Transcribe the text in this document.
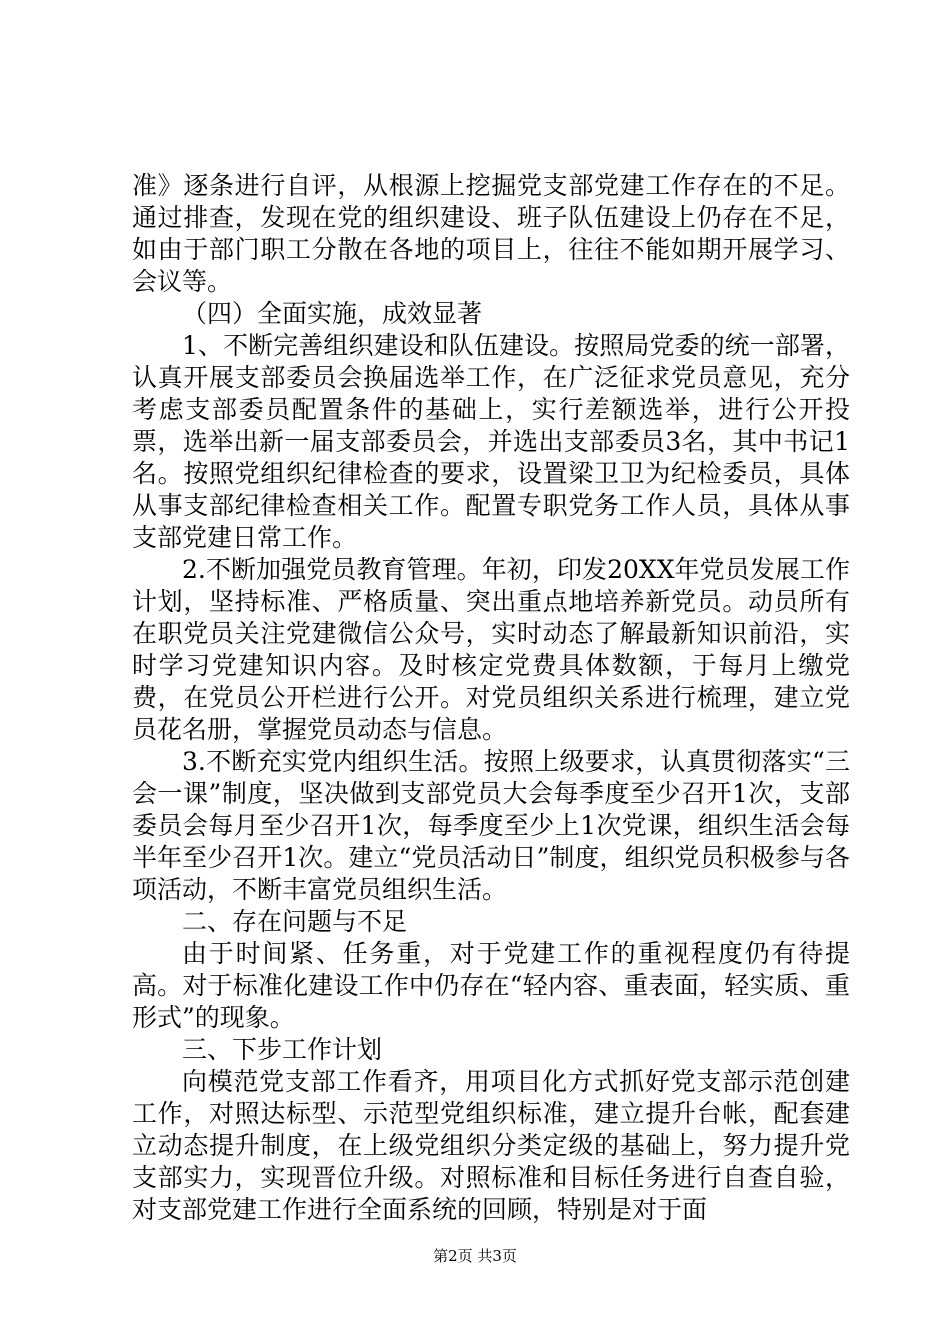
准》逐条进行自评，从根源上挖掘党支部党建工作存在的不足。通过排查，发现在党的组织建设、班子队伍建设上仍存在不足，如由于部门职工分散在各地的项目上，往往不能如期开展学习、会议等。

（四）全面实施，成效显著

1、不断完善组织建设和队伍建设。按照局党委的统一部署，认真开展支部委员会换届选举工作，在广泛征求党员意见，充分考虑支部委员配置条件的基础上，实行差额选举，进行公开投票，选举出新一届支部委员会，并选出支部委员3名，其中书记1名。按照党组织纪律检查的要求，设置梁卫卫为纪检委员，具体从事支部纪律检查相关工作。配置专职党务工作人员，具体从事支部党建日常工作。

2.不断加强党员教育管理。年初，印发20XX年党员发展工作计划，坚持标准、严格质量、突出重点地培养新党员。动员所有在职党员关注党建微信公众号，实时动态了解最新知识前沿，实时学习党建知识内容。及时核定党费具体数额，于每月上缴党费，在党员公开栏进行公开。对党员组织关系进行梳理，建立党员花名册，掌握党员动态与信息。

3.不断充实党内组织生活。按照上级要求，认真贯彻落实“三会一课”制度，坚决做到支部党员大会每季度至少召开1次，支部委员会每月至少召开1次，每季度至少上1次党课，组织生活会每半年至少召开1次。建立“党员活动日”制度，组织党员积极参与各项活动，不断丰富党员组织生活。

二、存在问题与不足

由于时间紧、任务重，对于党建工作的重视程度仍有待提高。对于标准化建设工作中仍存在“轻内容、重表面，轻实质、重形式”的现象。

三、下步工作计划

向模范党支部工作看齐，用项目化方式抓好党支部示范创建工作，对照达标型、示范型党组织标准，建立提升台帐，配套建立动态提升制度，在上级党组织分类定级的基础上，努力提升党支部实力，实现晋位升级。对照标准和目标任务进行自查自验，对支部党建工作进行全面系统的回顾，特别是对于面

第2页 共3页
